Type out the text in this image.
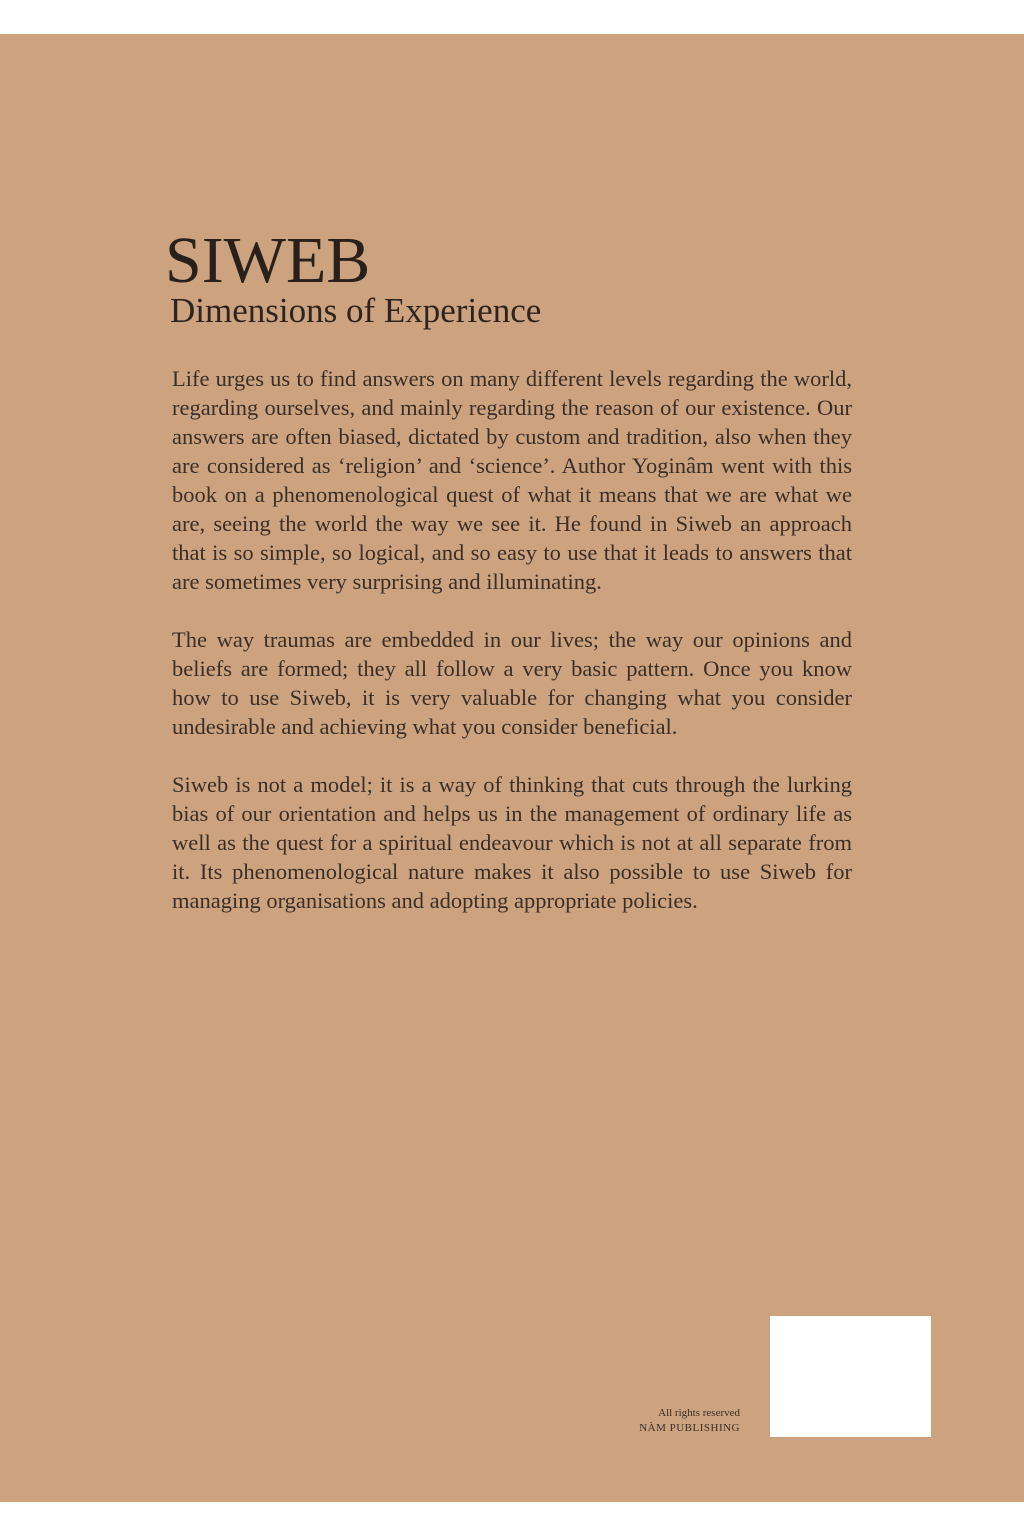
SIWEB
Dimensions of Experience

Life urges us to find answers on many different levels regarding the world, regarding ourselves, and mainly regarding the reason of our existence. Our answers are often biased, dictated by custom and tradition, also when they are considered as ‘religion’ and ‘science’. Author Yoginâm went with this book on a phenomenological quest of what it means that we are what we are, seeing the world the way we see it. He found in Siweb an approach that is so simple, so logical, and so easy to use that it leads to answers that are sometimes very surprising and illuminating.

The way traumas are embedded in our lives; the way our opinions and beliefs are formed; they all follow a very basic pattern. Once you know how to use Siweb, it is very valuable for changing what you consider undesirable and achieving what you consider beneficial.

Siweb is not a model; it is a way of thinking that cuts through the lurking bias of our orientation and helps us in the management of ordinary life as well as the quest for a spiritual endeavour which is not at all separate from it. Its phenomenological nature makes it also possible to use Siweb for managing organisations and adopting appropriate policies.

All rights reserved
NÀM PUBLISHING
